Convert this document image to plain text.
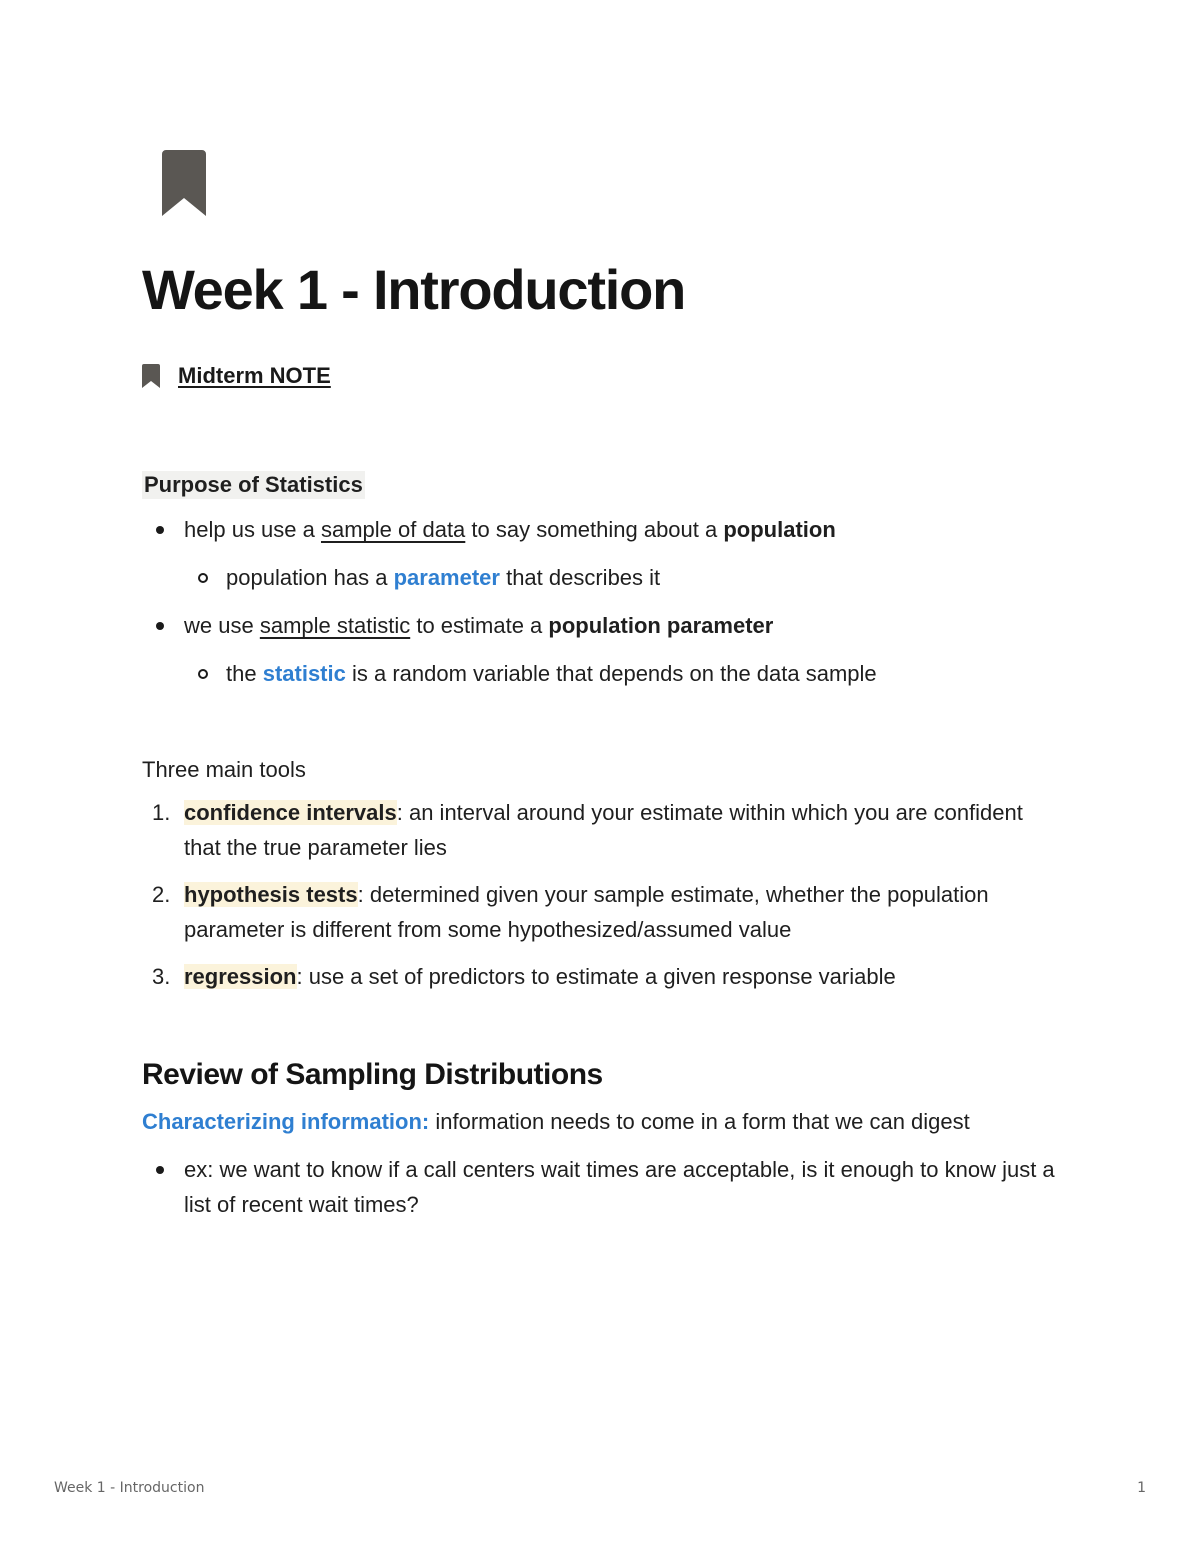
Week 1 - Introduction
Midterm NOTE
Purpose of Statistics
help us use a sample of data to say something about a population
population has a parameter that describes it
we use sample statistic to estimate a population parameter
the statistic is a random variable that depends on the data sample
Three main tools
1. confidence intervals: an interval around your estimate within which you are confident that the true parameter lies
2. hypothesis tests: determined given your sample estimate, whether the population parameter is different from some hypothesized/assumed value
3. regression: use a set of predictors to estimate a given response variable
Review of Sampling Distributions
Characterizing information: information needs to come in a form that we can digest
ex: we want to know if a call centers wait times are acceptable, is it enough to know just a list of recent wait times?
Week 1 - Introduction	1
